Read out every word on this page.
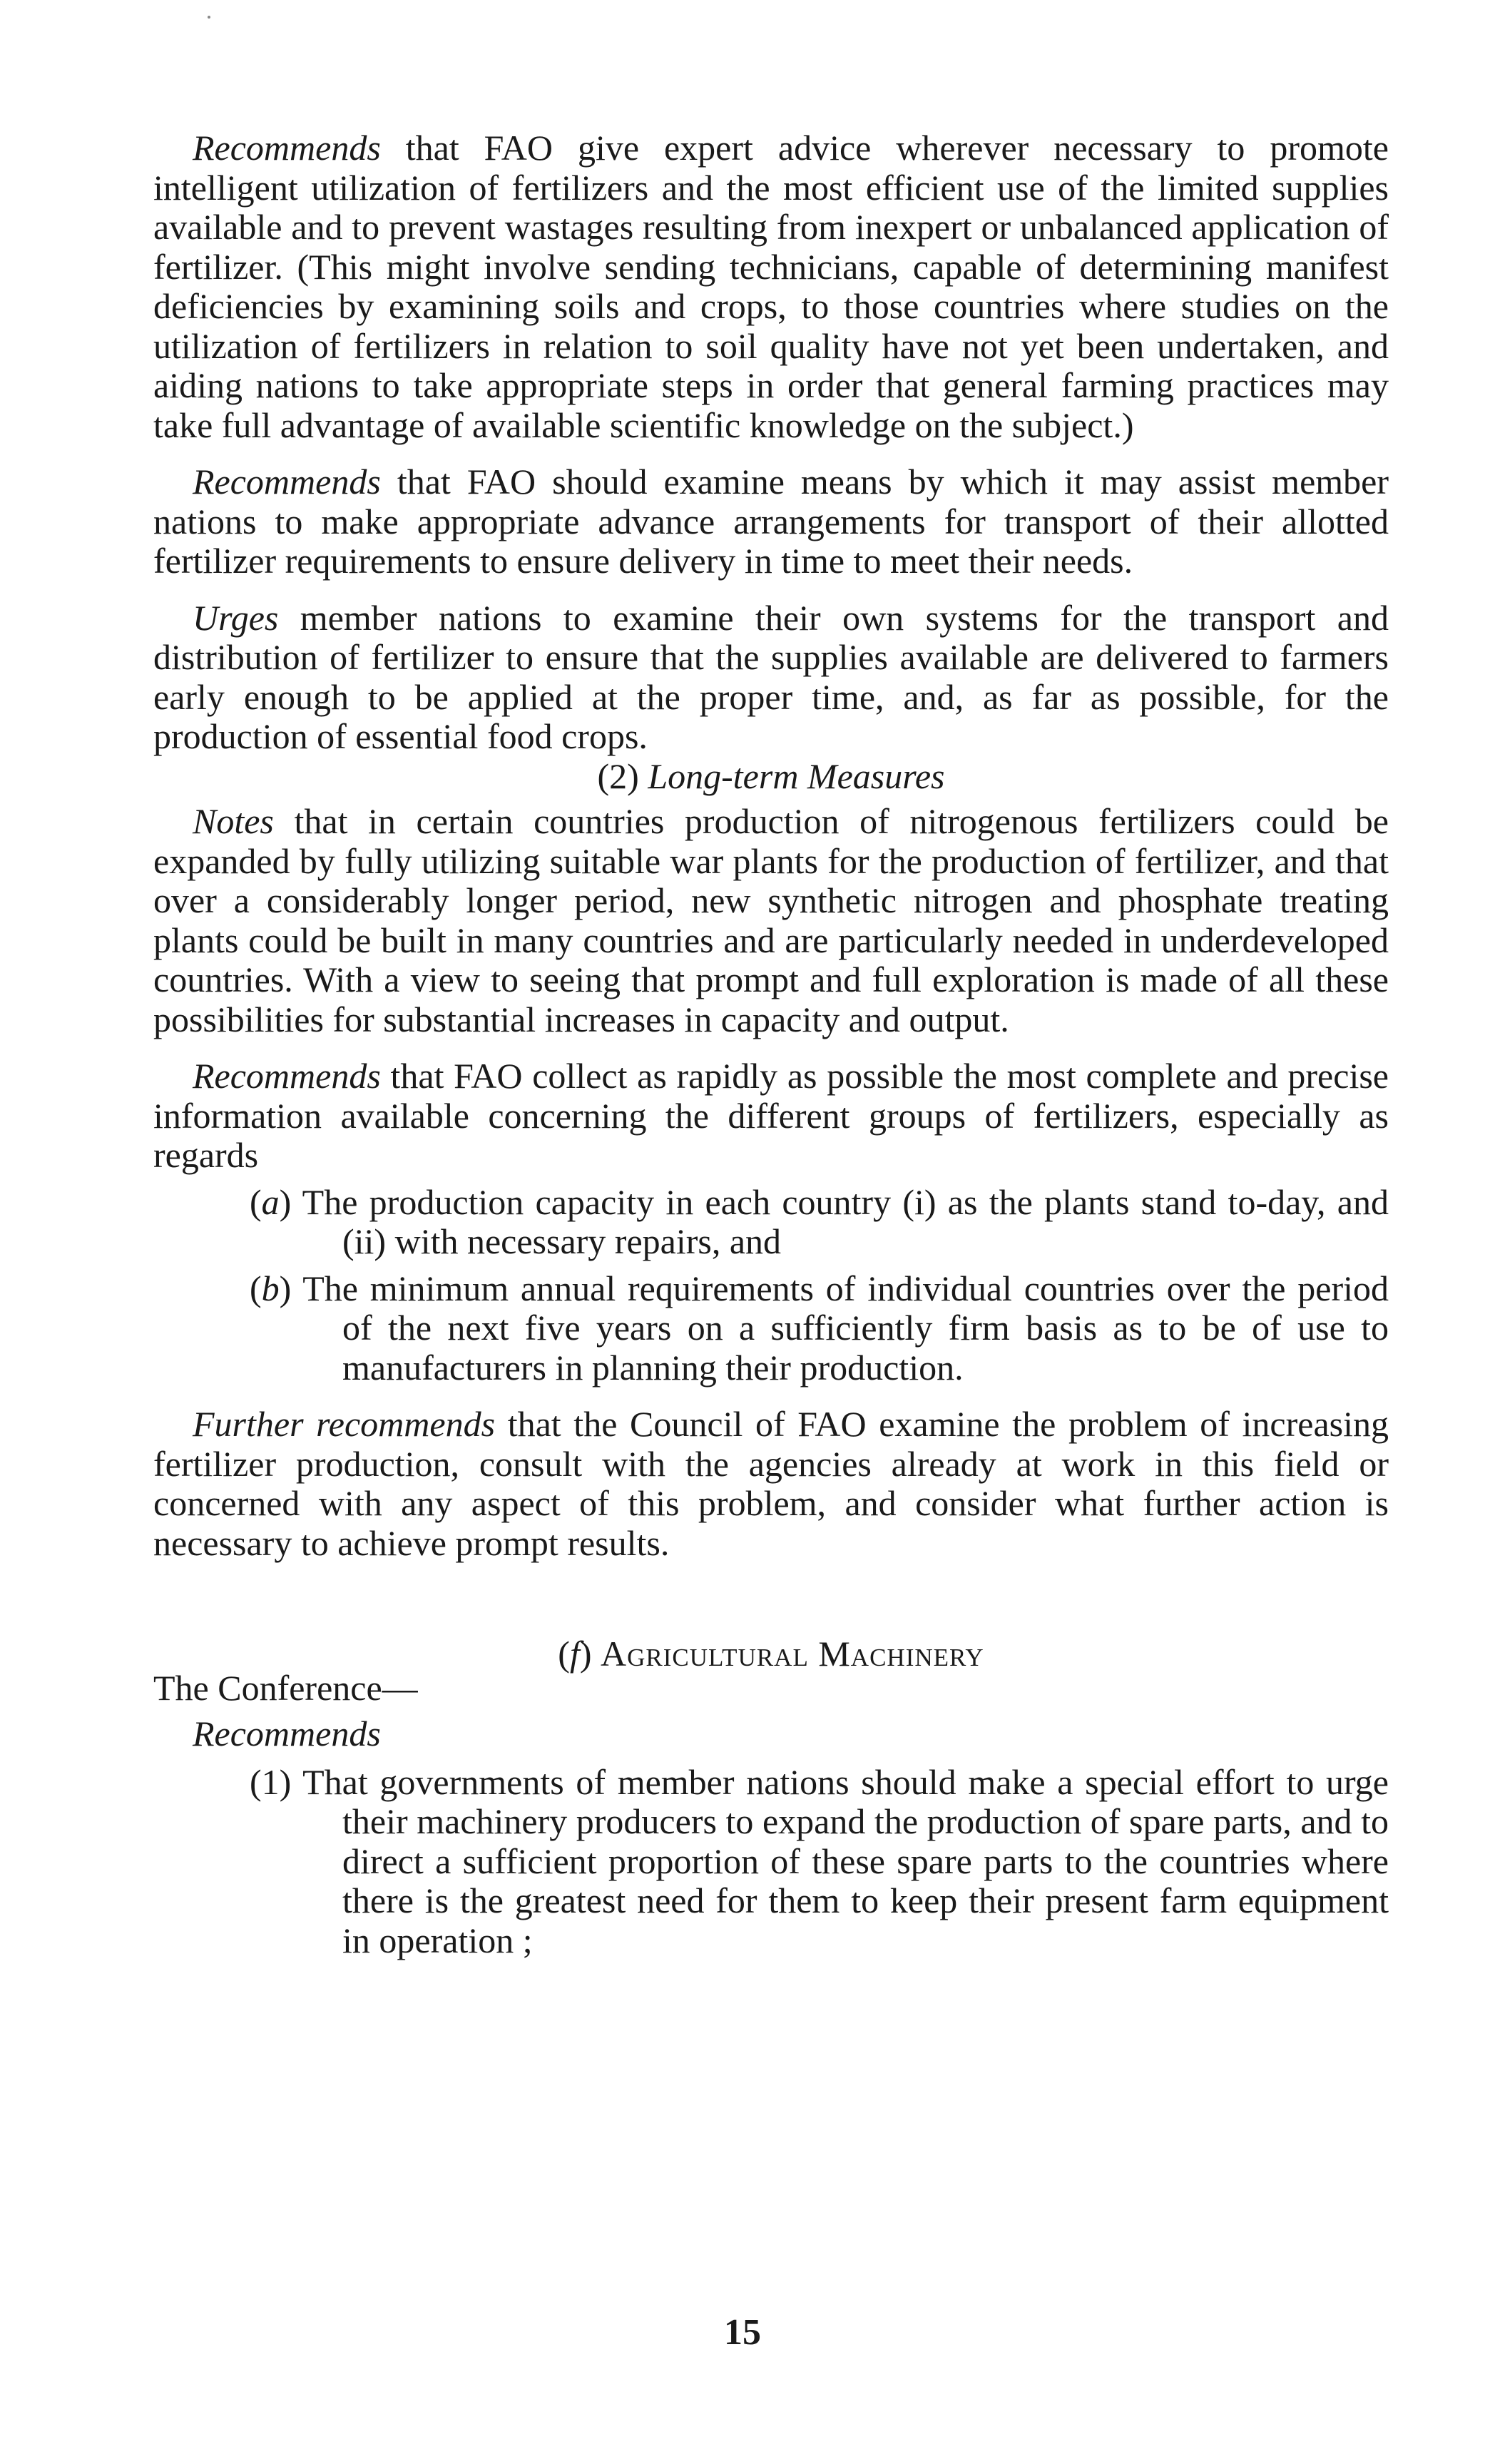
Recommends that FAO give expert advice wherever necessary to promote intelligent utilization of fertilizers and the most efficient use of the limited supplies available and to prevent wastages resulting from inexpert or unbalanced application of fertilizer. (This might involve sending technicians, capable of determining manifest deficiencies by examining soils and crops, to those countries where studies on the utilization of fertilizers in relation to soil quality have not yet been undertaken, and aiding nations to take appropriate steps in order that general farming practices may take full advantage of available scientific knowledge on the subject.)

Recommends that FAO should examine means by which it may assist member nations to make appropriate advance arrangements for transport of their allotted fertilizer requirements to ensure delivery in time to meet their needs.

Urges member nations to examine their own systems for the transport and distribution of fertilizer to ensure that the supplies available are delivered to farmers early enough to be applied at the proper time, and, as far as possible, for the production of essential food crops.

(2) Long-term Measures

Notes that in certain countries production of nitrogenous fertilizers could be expanded by fully utilizing suitable war plants for the production of fertilizer, and that over a considerably longer period, new synthetic nitrogen and phosphate treating plants could be built in many countries and are particularly needed in underdeveloped countries. With a view to seeing that prompt and full exploration is made of all these possibilities for substantial increases in capacity and output.

Recommends that FAO collect as rapidly as possible the most complete and precise information available concerning the different groups of fertilizers, especially as regards

(a) The production capacity in each country (i) as the plants stand to-day, and (ii) with necessary repairs, and

(b) The minimum annual requirements of individual countries over the period of the next five years on a sufficiently firm basis as to be of use to manufacturers in planning their production.

Further recommends that the Council of FAO examine the problem of increasing fertilizer production, consult with the agencies already at work in this field or concerned with any aspect of this problem, and consider what further action is necessary to achieve prompt results.

(f) Agricultural Machinery

The Conference—

Recommends

(1) That governments of member nations should make a special effort to urge their machinery producers to expand the production of spare parts, and to direct a sufficient proportion of these spare parts to the countries where there is the greatest need for them to keep their present farm equipment in operation ;

15
